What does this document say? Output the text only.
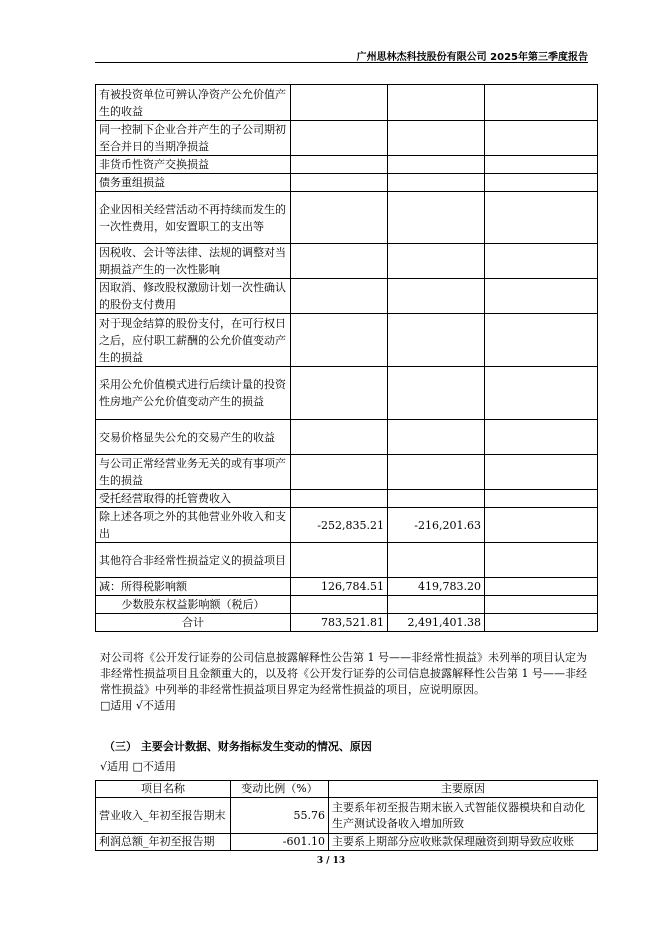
广州思林杰科技股份有限公司 2025年第三季度报告
有被投资单位可辨认净资产公允价值产生的收益			
同一控制下企业合并产生的子公司期初至合并日的当期净损益			
非货币性资产交换损益			
债务重组损益			
企业因相关经营活动不再持续而发生的一次性费用，如安置职工的支出等			
因税收、会计等法律、法规的调整对当期损益产生的一次性影响			
因取消、修改股权激励计划一次性确认的股份支付费用			
对于现金结算的股份支付，在可行权日之后，应付职工薪酬的公允价值变动产生的损益			
采用公允价值模式进行后续计量的投资性房地产公允价值变动产生的损益			
交易价格显失公允的交易产生的收益			
与公司正常经营业务无关的或有事项产生的损益			
受托经营取得的托管费收入			
除上述各项之外的其他营业外收入和支出	-252,835.21	-216,201.63	
其他符合非经常性损益定义的损益项目			
减：所得税影响额	126,784.51	419,783.20	
少数股东权益影响额（税后）			
合计	783,521.81	2,491,401.38	

对公司将《公开发行证券的公司信息披露解释性公告第 1 号——非经常性损益》未列举的项目认定为非经常性损益项目且金额重大的，以及将《公开发行证券的公司信息披露解释性公告第 1 号——非经常性损益》中列举的非经常性损益项目界定为经常性损益的项目，应说明原因。

□适用 √不适用

（三） 主要会计数据、财务指标发生变动的情况、原因
√适用 □不适用
项目名称	变动比例（%）	主要原因
营业收入_年初至报告期末	55.76	主要系年初至报告期末嵌入式智能仪器模块和自动化生产测试设备收入增加所致
利润总额_年初至报告期	-601.10	主要系上期部分应收账款保理融资到期导致应收账
3 / 13
